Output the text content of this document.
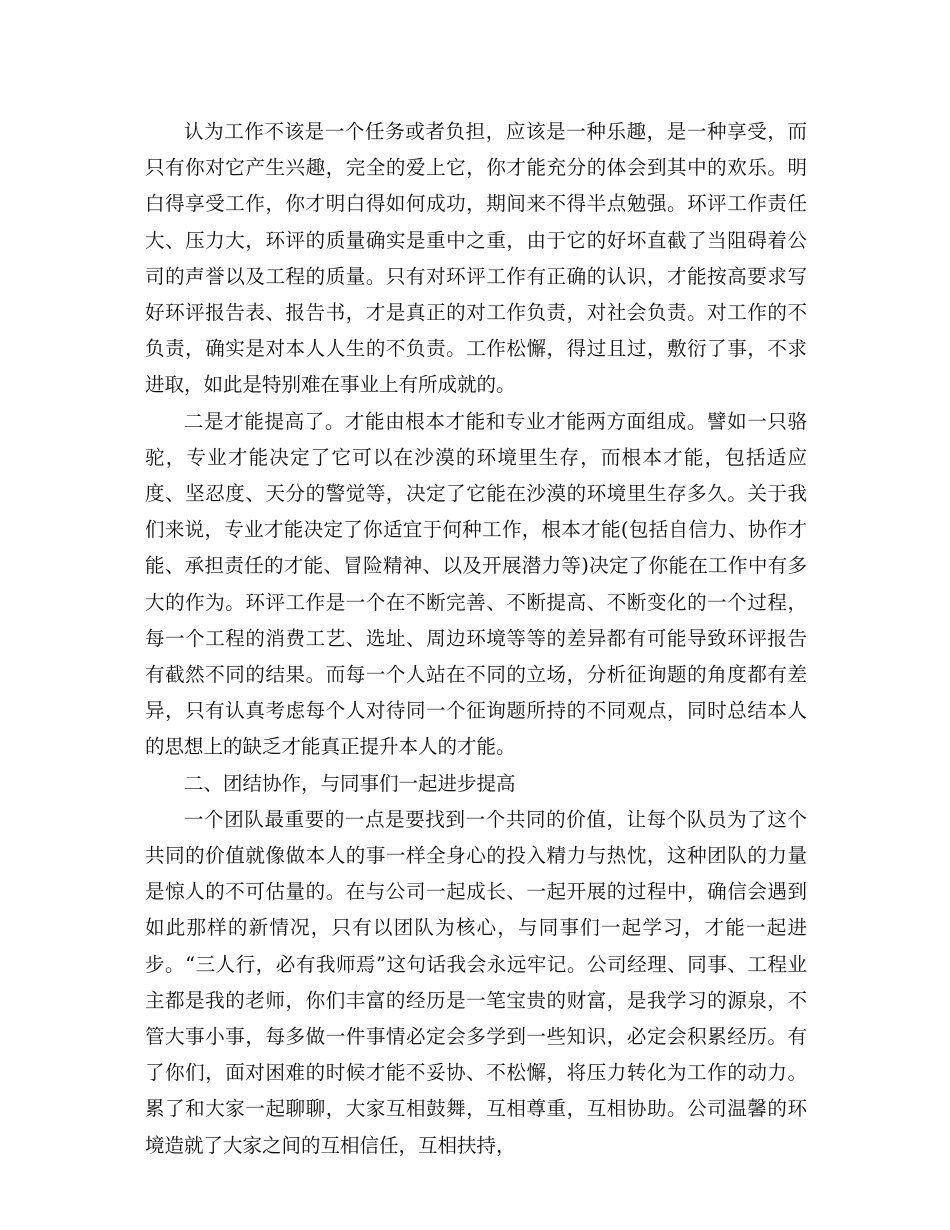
认为工作不该是一个任务或者负担，应该是一种乐趣，是一种享受，而只有你对它产生兴趣，完全的爱上它，你才能充分的体会到其中的欢乐。明白得享受工作，你才明白得如何成功，期间来不得半点勉强。环评工作责任大、压力大，环评的质量确实是重中之重，由于它的好坏直截了当阻碍着公司的声誉以及工程的质量。只有对环评工作有正确的认识，才能按高要求写好环评报告表、报告书，才是真正的对工作负责，对社会负责。对工作的不负责，确实是对本人人生的不负责。工作松懈，得过且过，敷衍了事，不求进取，如此是特别难在事业上有所成就的。

二是才能提高了。才能由根本才能和专业才能两方面组成。譬如一只骆驼，专业才能决定了它可以在沙漠的环境里生存，而根本才能，包括适应度、坚忍度、天分的警觉等，决定了它能在沙漠的环境里生存多久。关于我们来说，专业才能决定了你适宜于何种工作，根本才能(包括自信力、协作才能、承担责任的才能、冒险精神、以及开展潜力等)决定了你能在工作中有多大的作为。环评工作是一个在不断完善、不断提高、不断变化的一个过程，每一个工程的消费工艺、选址、周边环境等等的差异都有可能导致环评报告有截然不同的结果。而每一个人站在不同的立场，分析征询题的角度都有差异，只有认真考虑每个人对待同一个征询题所持的不同观点，同时总结本人的思想上的缺乏才能真正提升本人的才能。

二、团结协作，与同事们一起进步提高

一个团队最重要的一点是要找到一个共同的价值，让每个队员为了这个共同的价值就像做本人的事一样全身心的投入精力与热忱，这种团队的力量是惊人的不可估量的。在与公司一起成长、一起开展的过程中，确信会遇到如此那样的新情况，只有以团队为核心，与同事们一起学习，才能一起进步。“三人行，必有我师焉”这句话我会永远牢记。公司经理、同事、工程业主都是我的老师，你们丰富的经历是一笔宝贵的财富，是我学习的源泉，不管大事小事，每多做一件事情必定会多学到一些知识，必定会积累经历。有了你们，面对困难的时候才能不妥协、不松懈，将压力转化为工作的动力。累了和大家一起聊聊，大家互相鼓舞，互相尊重，互相协助。公司温馨的环境造就了大家之间的互相信任，互相扶持，
